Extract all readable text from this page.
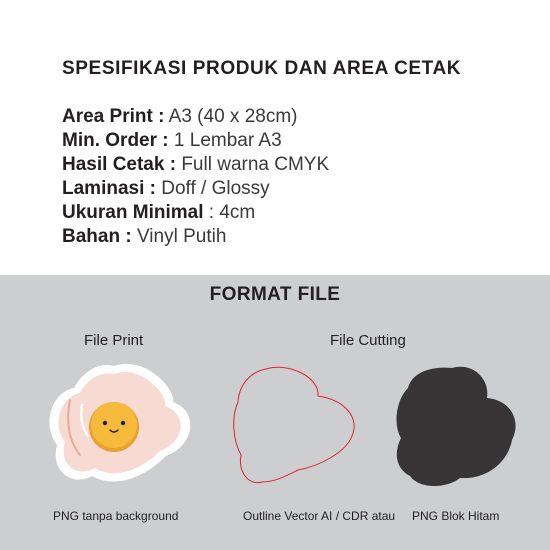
SPESIFIKASI PRODUK DAN AREA CETAK
Area Print : A3 (40 x 28cm)
Min. Order : 1 Lembar A3
Hasil Cetak : Full warna CMYK
Laminasi : Doff / Glossy
Ukuran Minimal : 4cm
Bahan : Vinyl Putih
FORMAT FILE
File Print	File Cutting
PNG tanpa background	Outline Vector AI / CDR atau PNG Blok Hitam
